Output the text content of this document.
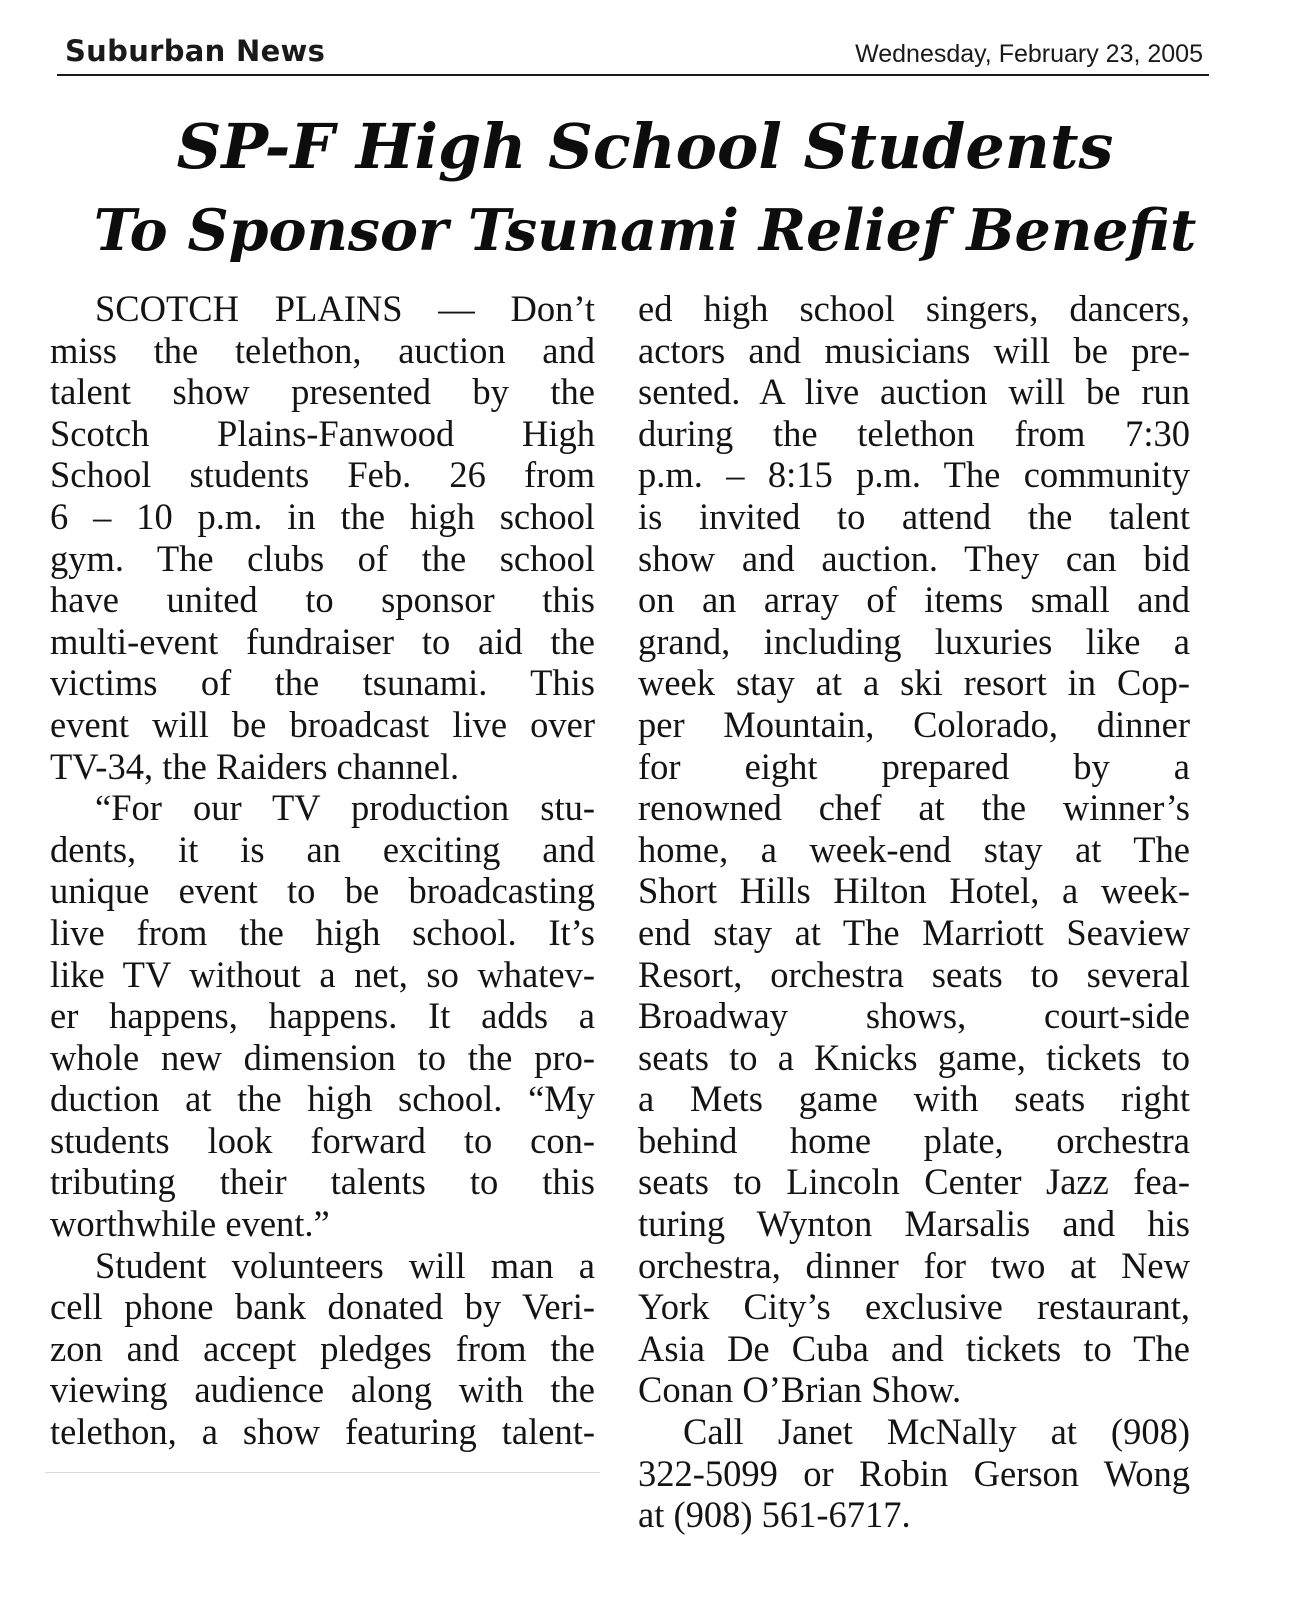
Suburban News	Wednesday, February 23, 2005
SP-F High School Students
To Sponsor Tsunami Relief Benefit
SCOTCH PLAINS — Don’t
miss the telethon, auction and
talent show presented by the
Scotch Plains-Fanwood High
School students Feb. 26 from
6 – 10 p.m. in the high school
gym. The clubs of the school
have united to sponsor this
multi-event fundraiser to aid the
victims of the tsunami. This
event will be broadcast live over
TV-34, the Raiders channel.
“For our TV production stu-
dents, it is an exciting and
unique event to be broadcasting
live from the high school. It’s
like TV without a net, so whatev-
er happens, happens. It adds a
whole new dimension to the pro-
duction at the high school. “My
students look forward to con-
tributing their talents to this
worthwhile event.”
Student volunteers will man a
cell phone bank donated by Veri-
zon and accept pledges from the
viewing audience along with the
telethon, a show featuring talent-
ed high school singers, dancers,
actors and musicians will be pre-
sented. A live auction will be run
during the telethon from 7:30
p.m. – 8:15 p.m. The community
is invited to attend the talent
show and auction. They can bid
on an array of items small and
grand, including luxuries like a
week stay at a ski resort in Cop-
per Mountain, Colorado, dinner
for eight prepared by a
renowned chef at the winner’s
home, a week-end stay at The
Short Hills Hilton Hotel, a week-
end stay at The Marriott Seaview
Resort, orchestra seats to several
Broadway shows, court-side
seats to a Knicks game, tickets to
a Mets game with seats right
behind home plate, orchestra
seats to Lincoln Center Jazz fea-
turing Wynton Marsalis and his
orchestra, dinner for two at New
York City’s exclusive restaurant,
Asia De Cuba and tickets to The
Conan O’Brian Show.
Call Janet McNally at (908)
322-5099 or Robin Gerson Wong
at (908) 561-6717.
